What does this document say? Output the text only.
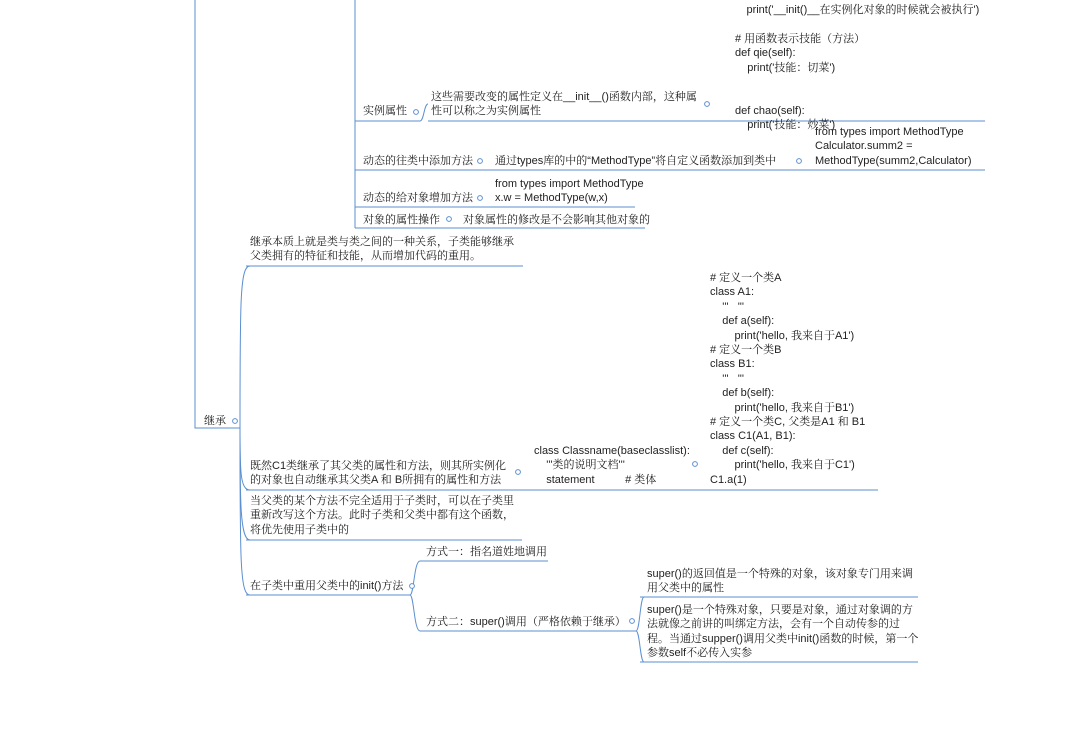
print('__init()__在实例化对象的时候就会被执行')
# 用函数表示技能（方法）
def qie(self):
print('技能：切菜')

def chao(self):
print('技能：炒菜')
实例属性
这些需要改变的属性定义在__init__()函数内部，这种属性可以称之为实例属性
动态的往类中添加方法 通过types库的中的“MethodType”将自定义函数添加到类中
from types import MethodType
Calculator.summ2 =
MethodType(summ2,Calculator)
动态的给对象增加方法
from types import MethodType
x.w = MethodType(w,x)
对象的属性操作 对象属性的修改是不会影响其他对象的
继承
继承本质上就是类与类之间的一种关系，子类能够继承父类拥有的特征和技能，从而增加代码的重用。
既然C1类继承了其父类的属性和方法，则其所实例化的对象也自动继承其父类A 和 B所拥有的属性和方法
class Classname(baseclasslist):
'''类的说明文档'''
statement          # 类体
# 定义一个类A
class A1:
'''   '''
def a(self):
print('hello, 我来自于A1')
# 定义一个类B
class B1:
'''   '''
def b(self):
print('hello, 我来自于B1')
# 定义一个类C, 父类是A1 和 B1
class C1(A1, B1):
def c(self):
print('hello, 我来自于C1')
C1.a(1)
当父类的某个方法不完全适用于子类时，可以在子类里重新改写这个方法。此时子类和父类中都有这个函数，将优先使用子类中的
在子类中重用父类中的init()方法
方式一：指名道姓地调用
方式二：super()调用（严格依赖于继承）
super()的返回值是一个特殊的对象，该对象专门用来调用父类中的属性
super()是一个特殊对象，只要是对象，通过对象调的方法就像之前讲的叫绑定方法，会有一个自动传参的过程。当通过supper()调用父类中init()函数的时候，第一个参数self不必传入实参
